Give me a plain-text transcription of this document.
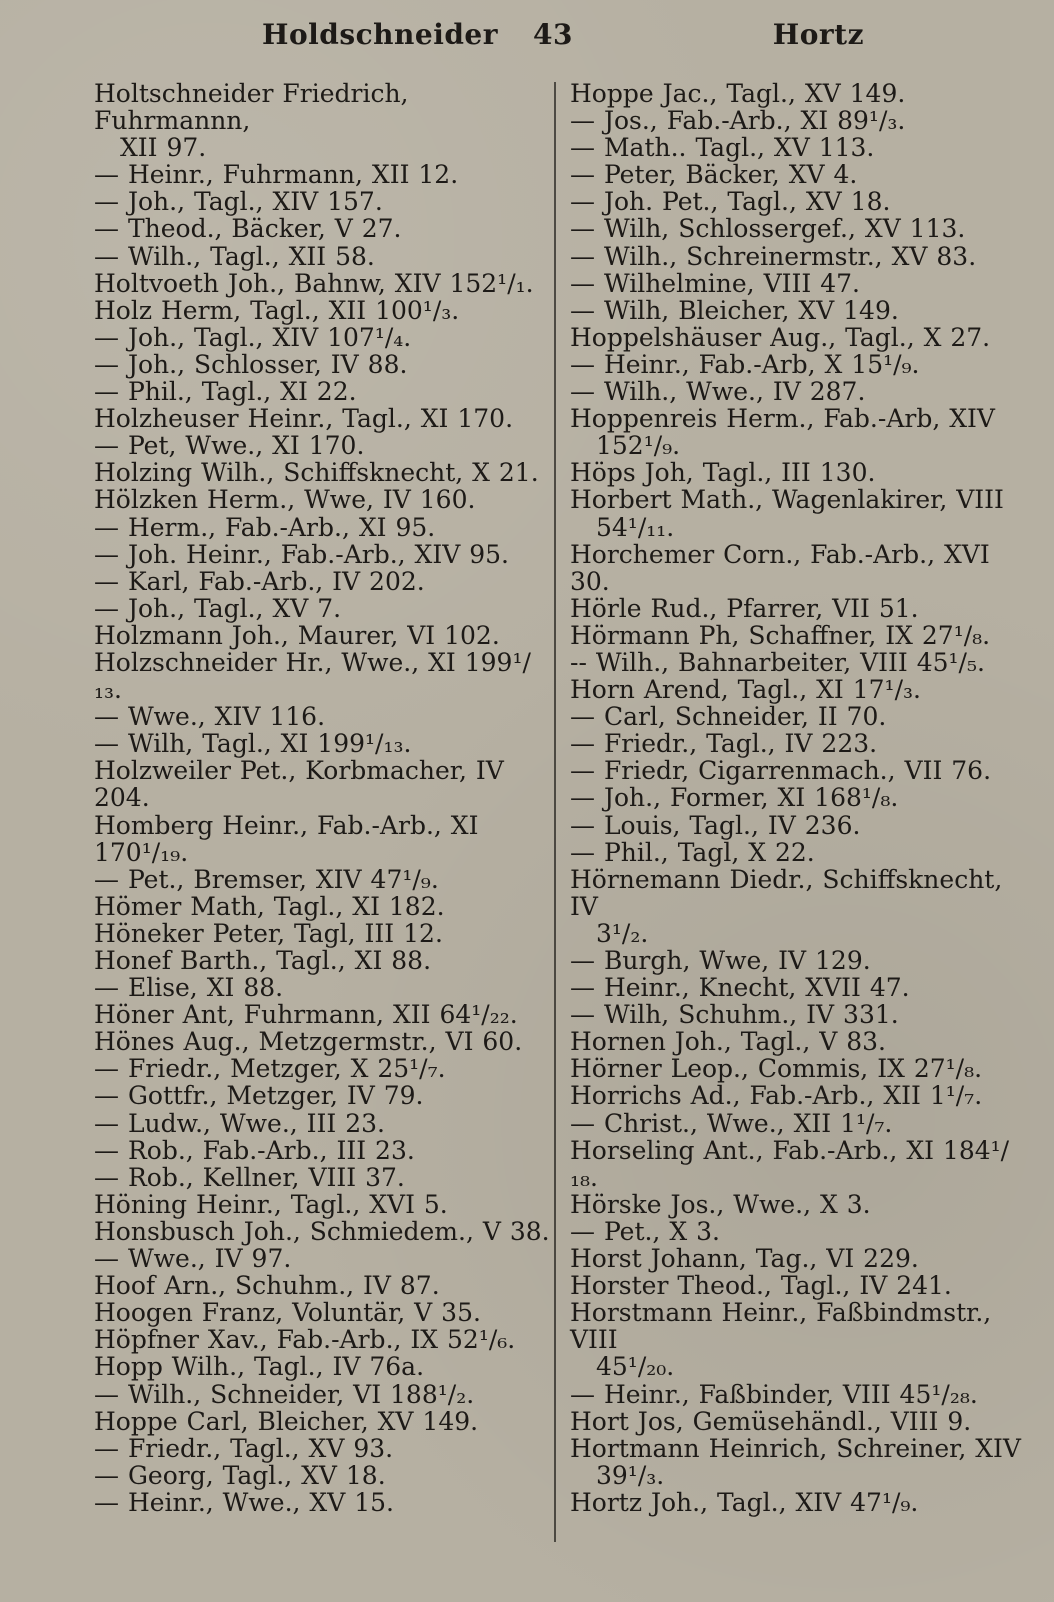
Holdschneider 43	Hortz

Holtschneider Friedrich, Fuhrmannn,

XII 97.

— Heinr., Fuhrmann, XII 12.

— Joh., Tagl., XIV 157.

— Theod., Bäcker, V 27.

— Wilh., Tagl., XII 58.

Holtvoeth Joh., Bahnw, XIV 152¹/₁.

Holz Herm, Tagl., XII 100¹/₃.

— Joh., Tagl., XIV 107¹/₄.

— Joh., Schlosser, IV 88.

— Phil., Tagl., XI 22.

Holzheuser Heinr., Tagl., XI 170.

— Pet, Wwe., XI 170.

Holzing Wilh., Schiffsknecht, X 21.

Hölzken Herm., Wwe, IV 160.

— Herm., Fab.-Arb., XI 95.

— Joh. Heinr., Fab.-Arb., XIV 95.

— Karl, Fab.-Arb., IV 202.

— Joh., Tagl., XV 7.

Holzmann Joh., Maurer, VI 102.

Holzschneider Hr., Wwe., XI 199¹/₁₃.

— Wwe., XIV 116.

— Wilh, Tagl., XI 199¹/₁₃.

Holzweiler Pet., Korbmacher, IV 204.

Homberg Heinr., Fab.-Arb., XI 170¹/₁₉.

— Pet., Bremser, XIV 47¹/₉.

Hömer Math, Tagl., XI 182.

Höneker Peter, Tagl, III 12.

Honef Barth., Tagl., XI 88.

— Elise, XI 88.

Höner Ant, Fuhrmann, XII 64¹/₂₂.

Hönes Aug., Metzgermstr., VI 60.

— Friedr., Metzger, X 25¹/₇.

— Gottfr., Metzger, IV 79.

— Ludw., Wwe., III 23.

— Rob., Fab.-Arb., III 23.

— Rob., Kellner, VIII 37.

Höning Heinr., Tagl., XVI 5.

Honsbusch Joh., Schmiedem., V 38.

— Wwe., IV 97.

Hoof Arn., Schuhm., IV 87.

Hoogen Franz, Voluntär, V 35.

Höpfner Xav., Fab.-Arb., IX 52¹/₆.

Hopp Wilh., Tagl., IV 76a.

— Wilh., Schneider, VI 188¹/₂.

Hoppe Carl, Bleicher, XV 149.

— Friedr., Tagl., XV 93.

— Georg, Tagl., XV 18.

— Heinr., Wwe., XV 15.

Hoppe Jac., Tagl., XV 149.

— Jos., Fab.-Arb., XI 89¹/₃.

— Math.. Tagl., XV 113.

— Peter, Bäcker, XV 4.

— Joh. Pet., Tagl., XV 18.

— Wilh, Schlossergef., XV 113.

— Wilh., Schreinermstr., XV 83.

— Wilhelmine, VIII 47.

— Wilh, Bleicher, XV 149.

Hoppelshäuser Aug., Tagl., X 27.

— Heinr., Fab.-Arb, X 15¹/₉.

— Wilh., Wwe., IV 287.

Hoppenreis Herm., Fab.-Arb, XIV

152¹/₉.

Höps Joh, Tagl., III 130.

Horbert Math., Wagenlakirer, VIII

54¹/₁₁.

Horchemer Corn., Fab.-Arb., XVI 30.

Hörle Rud., Pfarrer, VII 51.

Hörmann Ph, Schaffner, IX 27¹/₈.

-- Wilh., Bahnarbeiter, VIII 45¹/₅.

Horn Arend, Tagl., XI 17¹/₃.

— Carl, Schneider, II 70.

— Friedr., Tagl., IV 223.

— Friedr, Cigarrenmach., VII 76.

— Joh., Former, XI 168¹/₈.

— Louis, Tagl., IV 236.

— Phil., Tagl, X 22.

Hörnemann Diedr., Schiffsknecht, IV

3¹/₂.

— Burgh, Wwe, IV 129.

— Heinr., Knecht, XVII 47.

— Wilh, Schuhm., IV 331.

Hornen Joh., Tagl., V 83.

Hörner Leop., Commis, IX 27¹/₈.

Horrichs Ad., Fab.-Arb., XII 1¹/₇.

— Christ., Wwe., XII 1¹/₇.

Horseling Ant., Fab.-Arb., XI 184¹/₁₈.

Hörske Jos., Wwe., X 3.

— Pet., X 3.

Horst Johann, Tag., VI 229.

Horster Theod., Tagl., IV 241.

Horstmann Heinr., Faßbindmstr., VIII

45¹/₂₀.

— Heinr., Faßbinder, VIII 45¹/₂₈.

Hort Jos, Gemüsehändl., VIII 9.

Hortmann Heinrich, Schreiner, XIV

39¹/₃.

Hortz Joh., Tagl., XIV 47¹/₉.
